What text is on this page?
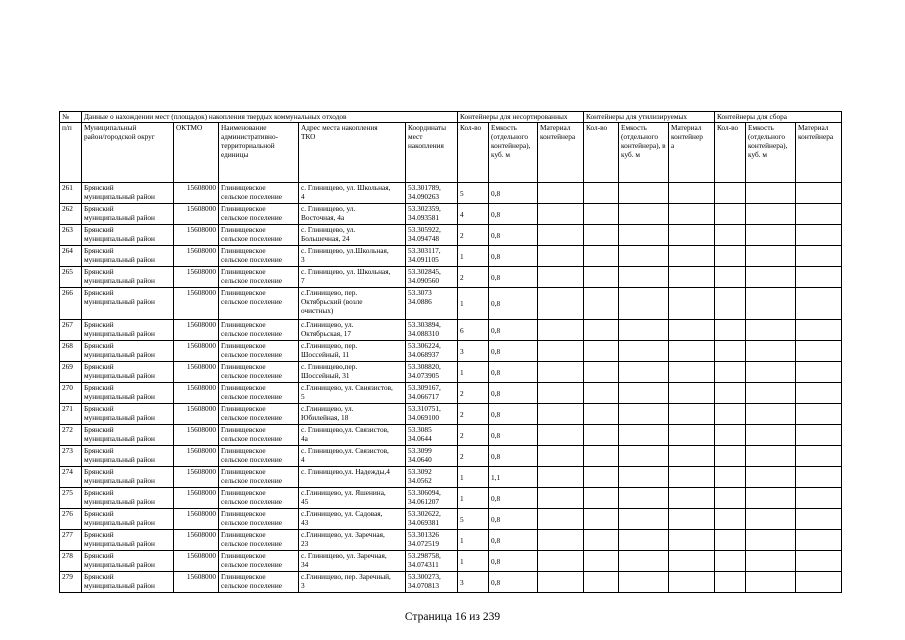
№	Данные о нахождении мест (площадок) накопления твердых коммунальных отходов					Контейнеры для несортированных			Контейнеры для утилизируемых			Контейнеры для сбора		
п/п	Муниципальный
район/городской округ	ОКТМО	Наименование
административно-
территориальной
единицы	Адрес места накопления
ТКО	Координаты
мест
накопления	Кол-во	Емкость
(отдельного
контейнера),
куб. м	Материал
контейнера	Кол-во	Емкость
(отдельного
контейнера), в
куб. м	Материал
контейнер
а	Кол-во	Емкость
(отдельного
контейнера),
куб. м	Материал
контейнера

261	Брянский
муниципальный район	15608000	Глинищевское
сельское поселение	с. Глинищево, ул. Школьная,
4	53.301789,
34.090263	5	0,8							
262	Брянский
муниципальный район	15608000	Глинищевское
сельское поселение	с. Глинищево, ул.
Восточная, 4а	53.302359,
34.093581	4	0,8							
263	Брянский
муниципальный район	15608000	Глинищевское
сельское поселение	с. Глинищево, ул.
Большечная, 24	53.305922,
34.094748	2	0,8							
264	Брянский
муниципальный район	15608000	Глинищевское
сельское поселение	с. Глинищево, ул.Школьная,
3	53.303117,
34.091105	1	0,8							
265	Брянский
муниципальный район	15608000	Глинищевское
сельское поселение	с. Глинищево, ул. Школьная,
7	53.302845,
34.090560	2	0,8							
266	Брянский
муниципальный район	15608000	Глинищевское
сельское поселение	с.Глинищево, пер.
Октябрьский (возле
очистных)	53.3073
34.0886	1	0,8							
267	Брянский
муниципальный район	15608000	Глинищевское
сельское поселение	с.Глинищево, ул.
Октябрьская, 17	53.303894,
34.088310	6	0,8							
268	Брянский
муниципальный район	15608000	Глинищевское
сельское поселение	с.Глинищево, пер.
Шоссейный, 11	53.306224,
34.068937	3	0,8							
269	Брянский
муниципальный район	15608000	Глинищевское
сельское поселение	с. Глинищево,пер.
Шоссейный, 31	53.308820,
34.073905	1	0,8							
270	Брянский
муниципальный район	15608000	Глинищевское
сельское поселение	с.Глинищево, ул. Свиязистов,
5	53.309167,
34.066717	2	0,8							
271	Брянский
муниципальный район	15608000	Глинищевское
сельское поселение	с.Глинищево, ул.
Юбилейная, 18	53.310751,
34.069100	2	0,8							
272	Брянский
муниципальный район	15608000	Глинищевское
сельское поселение	с. Глинищево,ул. Связистов,
4а	53.3085
34.0644	2	0,8							
273	Брянский
муниципальный район	15608000	Глинищевское
сельское поселение	с. Глинищево,ул. Связистов,
4	53.3099
34.0640	2	0,8							
274	Брянский
муниципальный район	15608000	Глинищевское
сельское поселение	с. Глинищево,ул. Надежды,4	53.3092
34.0562	1	1,1							
275	Брянский
муниципальный район	15608000	Глинищевское
сельское поселение	с.Глинищево, ул. Яшенина,
45	53.306094,
34.061207	1	0,8							
276	Брянский
муниципальный район	15608000	Глинищевское
сельское поселение	с.Глинищево, ул. Садовая,
43	53.302622,
34.069381	5	0,8							
277	Брянский
муниципальный район	15608000	Глинищевское
сельское поселение	с.Глинищево, ул. Заречная,
23	53.301326
34.072519	1	0,8							
278	Брянский
муниципальный район	15608000	Глинищевское
сельское поселение	с. Глинищево, ул. Заречная,
34	53.298758,
34.074311	1	0,8							
279	Брянский
муниципальный район	15608000	Глинищевское
сельское поселение	с.Глинищево, пер. Заречный,
3	53.300273,
34.070813	3	0,8							
Страница 16 из 239
